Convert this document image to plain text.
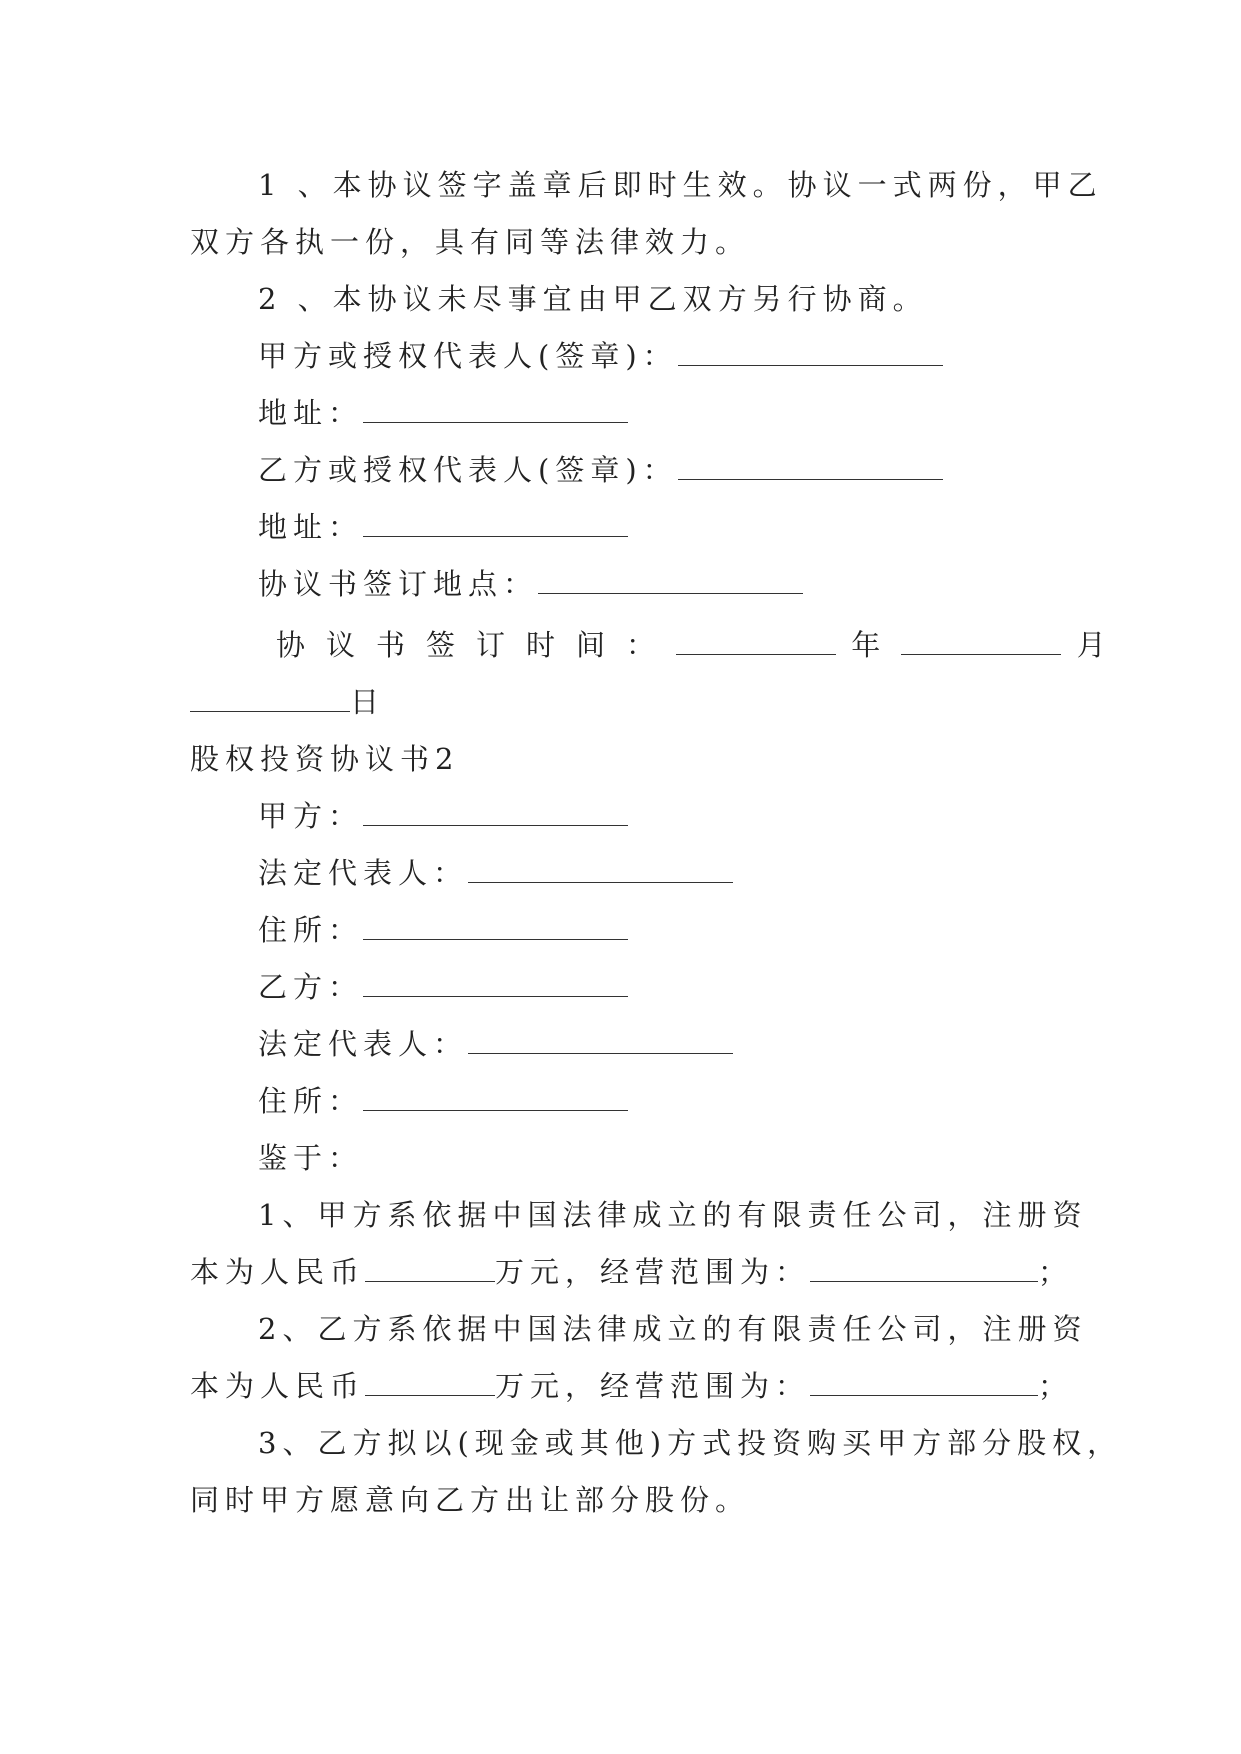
1 、本协议签字盖章后即时生效。协议一式两份，甲乙
双方各执一份，具有同等法律效力。
2 、本协议未尽事宜由甲乙双方另行协商。
甲方或授权代表人(签章)：
地址：
乙方或授权代表人(签章)：
地址：
协议书签订地点：
协议书签订时间：	年	月
日
股权投资协议书2
甲方：
法定代表人：
住所：
乙方：
法定代表人：
住所：
鉴于：
1、甲方系依据中国法律成立的有限责任公司，注册资
本为人民币	万元，经营范围为：	；
2、乙方系依据中国法律成立的有限责任公司，注册资
本为人民币	万元，经营范围为：	；
3、乙方拟以(现金或其他)方式投资购买甲方部分股权，
同时甲方愿意向乙方出让部分股份。
